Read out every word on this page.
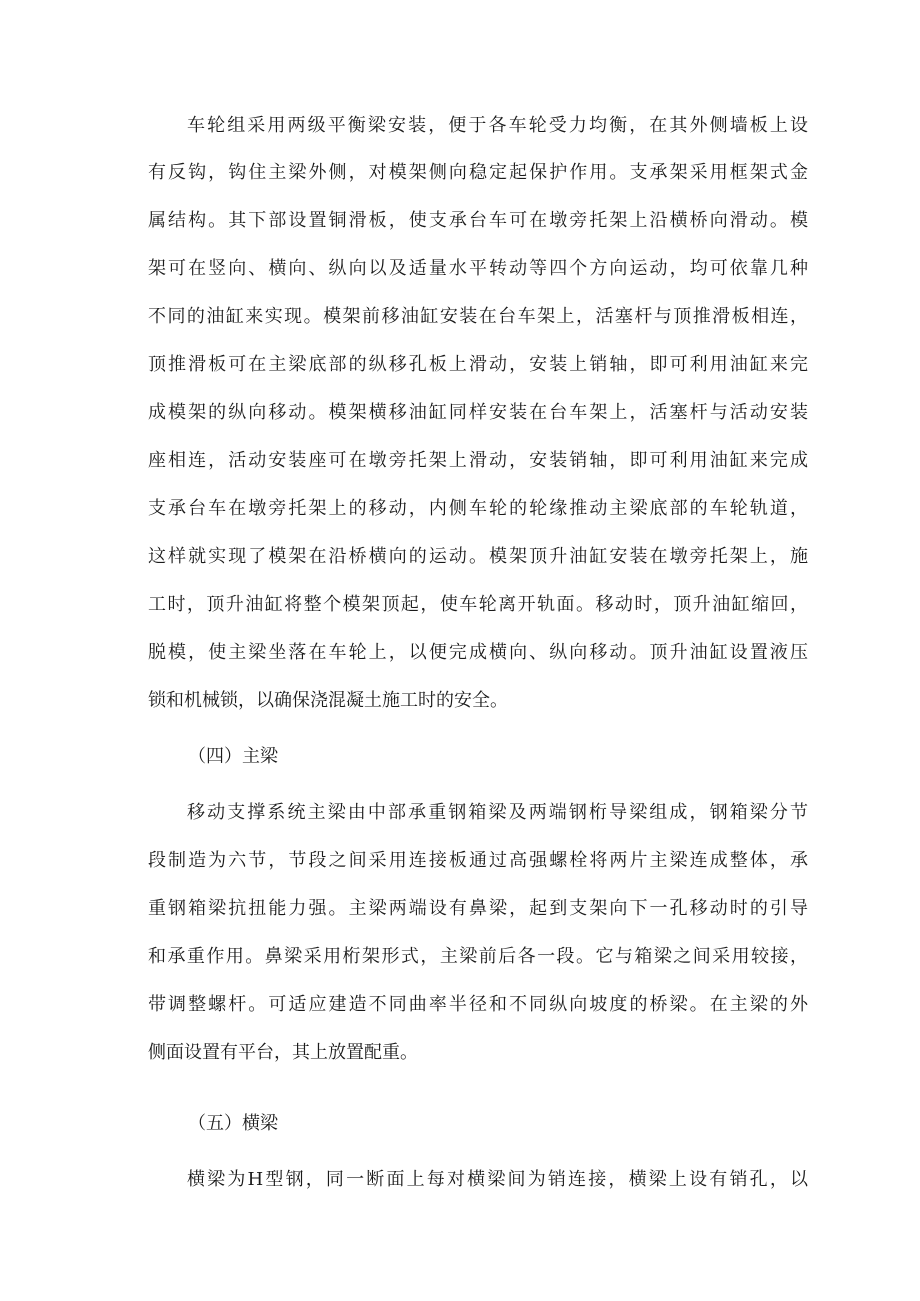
车轮组采用两级平衡梁安装，便于各车轮受力均衡，在其外侧墙板上设
有反钩，钩住主梁外侧，对模架侧向稳定起保护作用。支承架采用框架式金
属结构。其下部设置铜滑板，使支承台车可在墩旁托架上沿横桥向滑动。模
架可在竖向、横向、纵向以及适量水平转动等四个方向运动，均可依靠几种
不同的油缸来实现。模架前移油缸安装在台车架上，活塞杆与顶推滑板相连，
顶推滑板可在主梁底部的纵移孔板上滑动，安装上销轴，即可利用油缸来完
成模架的纵向移动。模架横移油缸同样安装在台车架上，活塞杆与活动安装
座相连，活动安装座可在墩旁托架上滑动，安装销轴，即可利用油缸来完成
支承台车在墩旁托架上的移动，内侧车轮的轮缘推动主梁底部的车轮轨道，
这样就实现了模架在沿桥横向的运动。模架顶升油缸安装在墩旁托架上，施
工时，顶升油缸将整个模架顶起，使车轮离开轨面。移动时，顶升油缸缩回，
脱模，使主梁坐落在车轮上，以便完成横向、纵向移动。顶升油缸设置液压
锁和机械锁，以确保浇混凝土施工时的安全。
（四）主梁
移动支撑系统主梁由中部承重钢箱梁及两端钢桁导梁组成，钢箱梁分节
段制造为六节，节段之间采用连接板通过高强螺栓将两片主梁连成整体，承
重钢箱梁抗扭能力强。主梁两端设有鼻梁，起到支架向下一孔移动时的引导
和承重作用。鼻梁采用桁架形式，主梁前后各一段。它与箱梁之间采用较接，
带调整螺杆。可适应建造不同曲率半径和不同纵向坡度的桥梁。在主梁的外
侧面设置有平台，其上放置配重。
（五）横梁
横梁为H型钢，同一断面上每对横梁间为销连接，横梁上设有销孔，以
